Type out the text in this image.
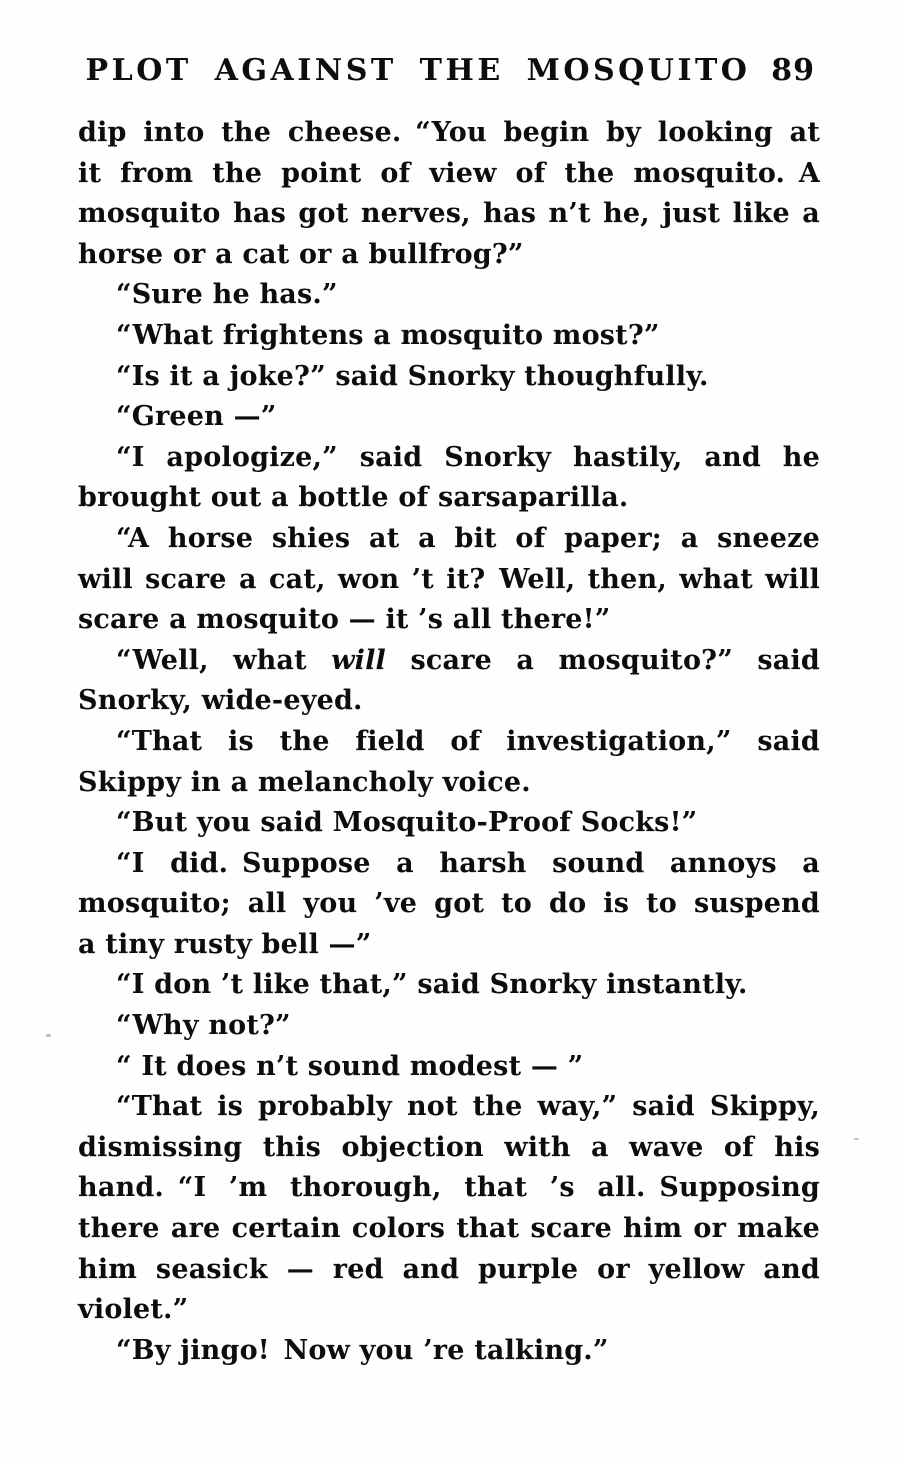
PLOT AGAINST THE MOSQUITO 89
dip into the cheese. “You begin by looking at
it from the point of view of the mosquito. A
mosquito has got nerves, has n’t he, just like a
horse or a cat or a bullfrog?”
“Sure he has.”
“What frightens a mosquito most?”
“Is it a joke?” said Snorky thoughfully.
“Green —”
“I apologize,” said Snorky hastily, and he
brought out a bottle of sarsaparilla.
“A horse shies at a bit of paper; a sneeze
will scare a cat, won ’t it? Well, then, what will
scare a mosquito — it ’s all there!”
“Well, what will scare a mosquito?” said
Snorky, wide-eyed.
“That is the field of investigation,” said
Skippy in a melancholy voice.
“But you said Mosquito-Proof Socks!”
“I did. Suppose a harsh sound annoys a
mosquito; all you ’ve got to do is to suspend
a tiny rusty bell —”
“I don ’t like that,” said Snorky instantly.
“Why not?”
“ It does n’t sound modest — ”
“That is probably not the way,” said Skippy,
dismissing this objection with a wave of his
hand. “I ’m thorough, that ’s all. Supposing
there are certain colors that scare him or make
him seasick — red and purple or yellow and
violet.”
“By jingo! Now you ’re talking.”
